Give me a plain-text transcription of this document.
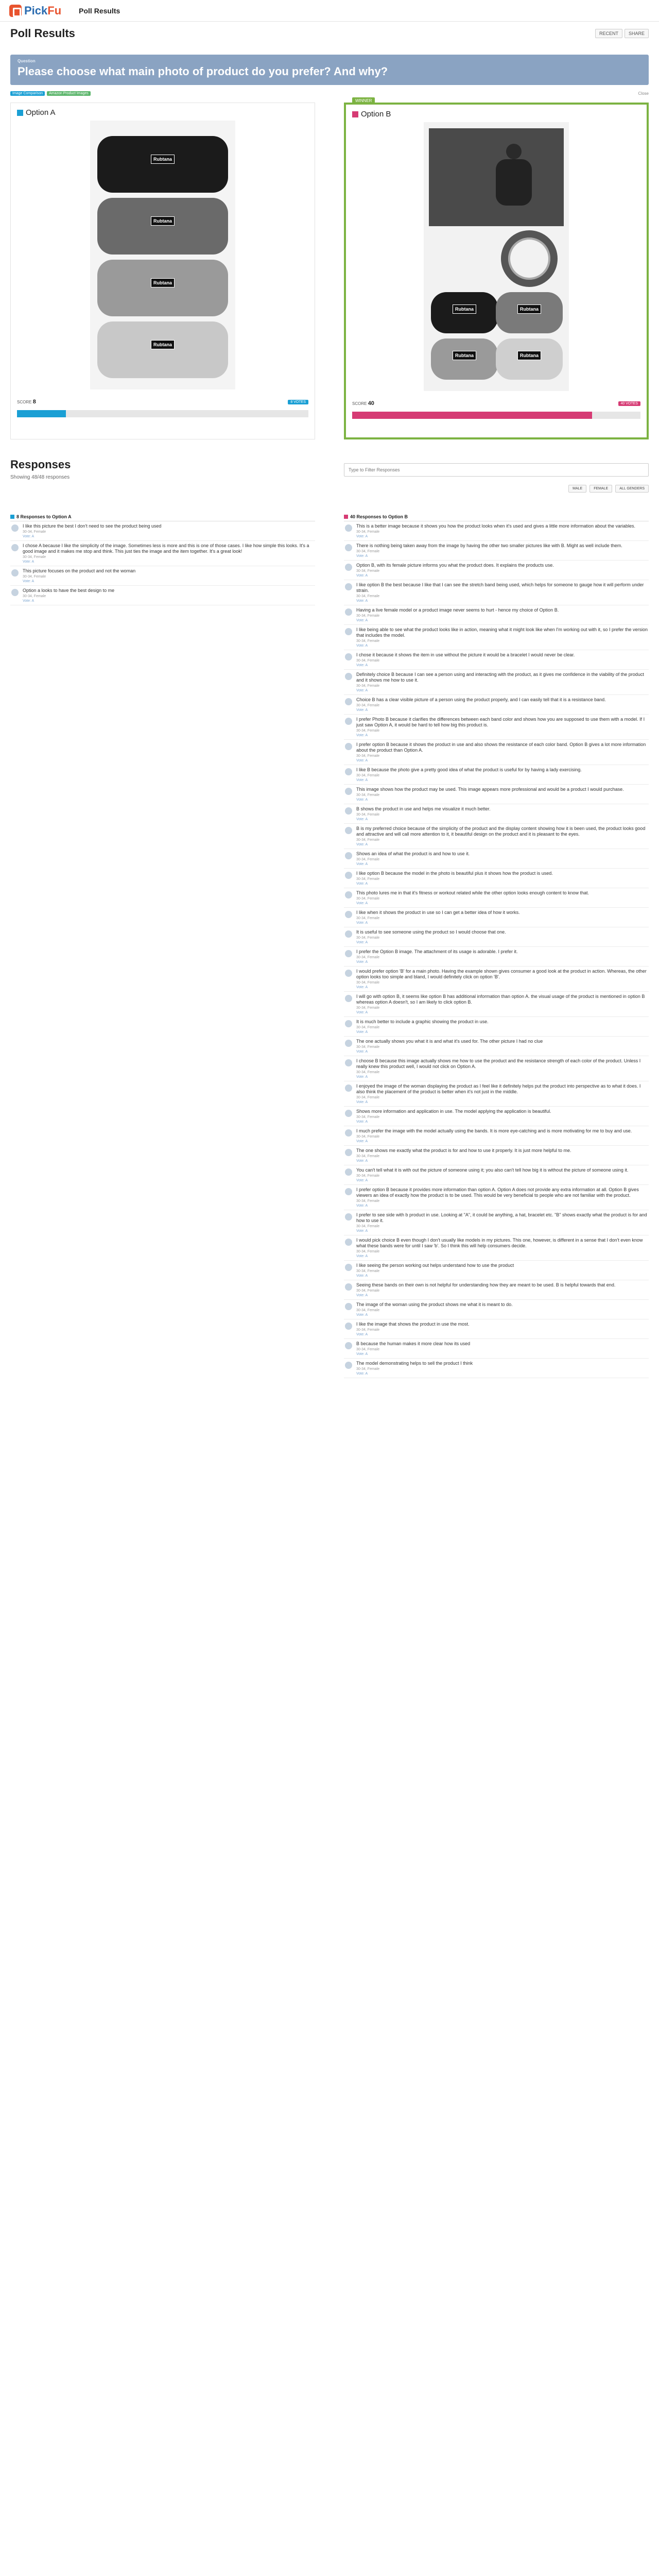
PickFu Poll Results
Poll Results	RECENT	SHARE
Question
Please choose what main photo of product do you prefer? And why?
Image Comparison	Amazon Product Images	Close
Option A
Rubtana
Rubtana
Rubtana
Rubtana
SCORE 8	8 VOTES
WINNER
Option B
Rubtana	Rubtana
Rubtana	Rubtana
SCORE 40	40 VOTES
Responses
Showing 48/48 responses
Type to Filter Responses
MALE	FEMALE	ALL GENDERS
8 Responses to Option A
I like this picture the best I don't need to see the product being used
30-34, Female
Vote: A
I chose A because I like the simplicity of the image. Sometimes less is more and this is one of those cases. I like how simple this looks. It's a good image and it makes me stop and think. This just ties the image and the item together. It's a great look!
30-34, Female
Vote: A
This picture focuses on the product and not the woman
30-34, Female
Vote: A
Option a looks to have the best design to me
30-34, Female
Vote: A
40 Responses to Option B
This is a better image because it shows you how the product looks when it's used and gives a little more information about the variables.
30-34, Female
Vote: A
There is nothing being taken away from the image by having the other two smaller pictures like with B. Might as well include them.
30-34, Female
Vote: A
Option B, with its female picture informs you what the product does. It explains the products use.
30-34, Female
Vote: A
I like option B the best because I like that I can see the stretch band being used, which helps for someone to gauge how it will perform under strain.
30-34, Female
Vote: A
Having a live female model or a product image never seems to hurt - hence my choice of Option B.
30-34, Female
Vote: A
I like being able to see what the product looks like in action, meaning what it might look like when I'm working out with it, so I prefer the version that includes the model.
30-34, Female
Vote: A
I chose it because it shows the item in use without the picture it would be a bracelet I would never be clear.
30-34, Female
Vote: A
Definitely choice B because I can see a person using and interacting with the product, as it gives me confidence in the viability of the product and it shows me how to use it.
30-34, Female
Vote: A
Choice B has a clear visible picture of a person using the product properly, and I can easily tell that it is a resistance band.
30-34, Female
Vote: A
I prefer Photo B because it clarifies the differences between each band color and shows how you are supposed to use them with a model. If I just saw Option A, it would be hard to tell how big this product is.
30-34, Female
Vote: A
I prefer option B because it shows the product in use and also shows the resistance of each color band. Option B gives a lot more information about the product than Option A.
30-34, Female
Vote: A
I like B because the photo give a pretty good idea of what the product is useful for by having a lady exercising.
30-34, Female
Vote: A
This image shows how the product may be used. This image appears more professional and would be a product I would purchase.
30-34, Female
Vote: A
B shows the product in use and helps me visualize it much better.
30-34, Female
Vote: A
B is my preferred choice because of the simplicity of the product and the display content showing how it is been used, the product looks good and attractive and will call more attention to it, it beautiful design on the product and it is pleasant to the eyes.
30-34, Female
Vote: A
Shows an idea of what the product is and how to use it.
30-34, Female
Vote: A
I like option B because the model in the photo is beautiful plus it shows how the product is used.
30-34, Female
Vote: A
This photo lures me in that it's fitness or workout related while the other option looks enough content to know that.
30-34, Female
Vote: A
I like when it shows the product in use so I can get a better idea of how it works.
30-34, Female
Vote: A
It is useful to see someone using the product so I would choose that one.
30-34, Female
Vote: A
I prefer the Option B image. The attachment of its usage is adorable. I prefer it.
30-34, Female
Vote: A
I would prefer option 'B' for a main photo. Having the example shown gives consumer a good look at the product in action. Whereas, the other option looks too simple and bland, I would definitely click on option 'B'.
30-34, Female
Vote: A
I will go with option B, it seems like option B has additional information than option A. the visual usage of the product is mentioned in option B whereas option A doesn't, so I am likely to click option B.
30-34, Female
Vote: A
It is much better to include a graphic showing the product in use.
30-34, Female
Vote: A
The one actually shows you what it is and what it's used for. The other picture I had no clue
30-34, Female
Vote: A
I choose B because this image actually shows me how to use the product and the resistance strength of each color of the product. Unless I really knew this product well, I would not click on Option A.
30-34, Female
Vote: A
I enjoyed the image of the woman displaying the product as I feel like it definitely helps put the product into perspective as to what it does. I also think the placement of the product is better when it's not just in the middle.
30-34, Female
Vote: A
Shows more information and application in use. The model applying the application is beautiful.
30-34, Female
Vote: A
I much prefer the image with the model actually using the bands. It is more eye-catching and is more motivating for me to buy and use.
30-34, Female
Vote: A
The one shows me exactly what the product is for and how to use it properly. It is just more helpful to me.
30-34, Female
Vote: A
You can't tell what it is with out the picture of someone using it; you also can't tell how big it is without the picture of someone using it.
30-34, Female
Vote: A
I prefer option B because it provides more information than option A. Option A does not provide any extra information at all. Option B gives viewers an idea of exactly how the product is to be used. This would be very beneficial to people who are not familiar with the product.
30-34, Female
Vote: A
I prefer to see side with b product in use. Looking at "A", it could be anything, a hat, bracelet etc. "B" shows exactly what the product is for and how to use it.
30-34, Female
Vote: A
I would pick choice B even though I don't usually like models in my pictures. This one, however, is different in a sense that I don't even know what these bands were for until I saw 'b'. So I think this will help consumers decide.
30-34, Female
Vote: A
I like seeing the person working out helps understand how to use the product
30-34, Female
Vote: A
Seeing these bands on their own is not helpful for understanding how they are meant to be used. B is helpful towards that end.
30-34, Female
Vote: A
The image of the woman using the product shows me what it is meant to do.
30-34, Female
Vote: A
I like the image that shows the product in use the most.
30-34, Female
Vote: A
B because the human makes it more clear how its used
30-34, Female
Vote: A
The model demonstrating helps to sell the product I think
30-34, Female
Vote: A
